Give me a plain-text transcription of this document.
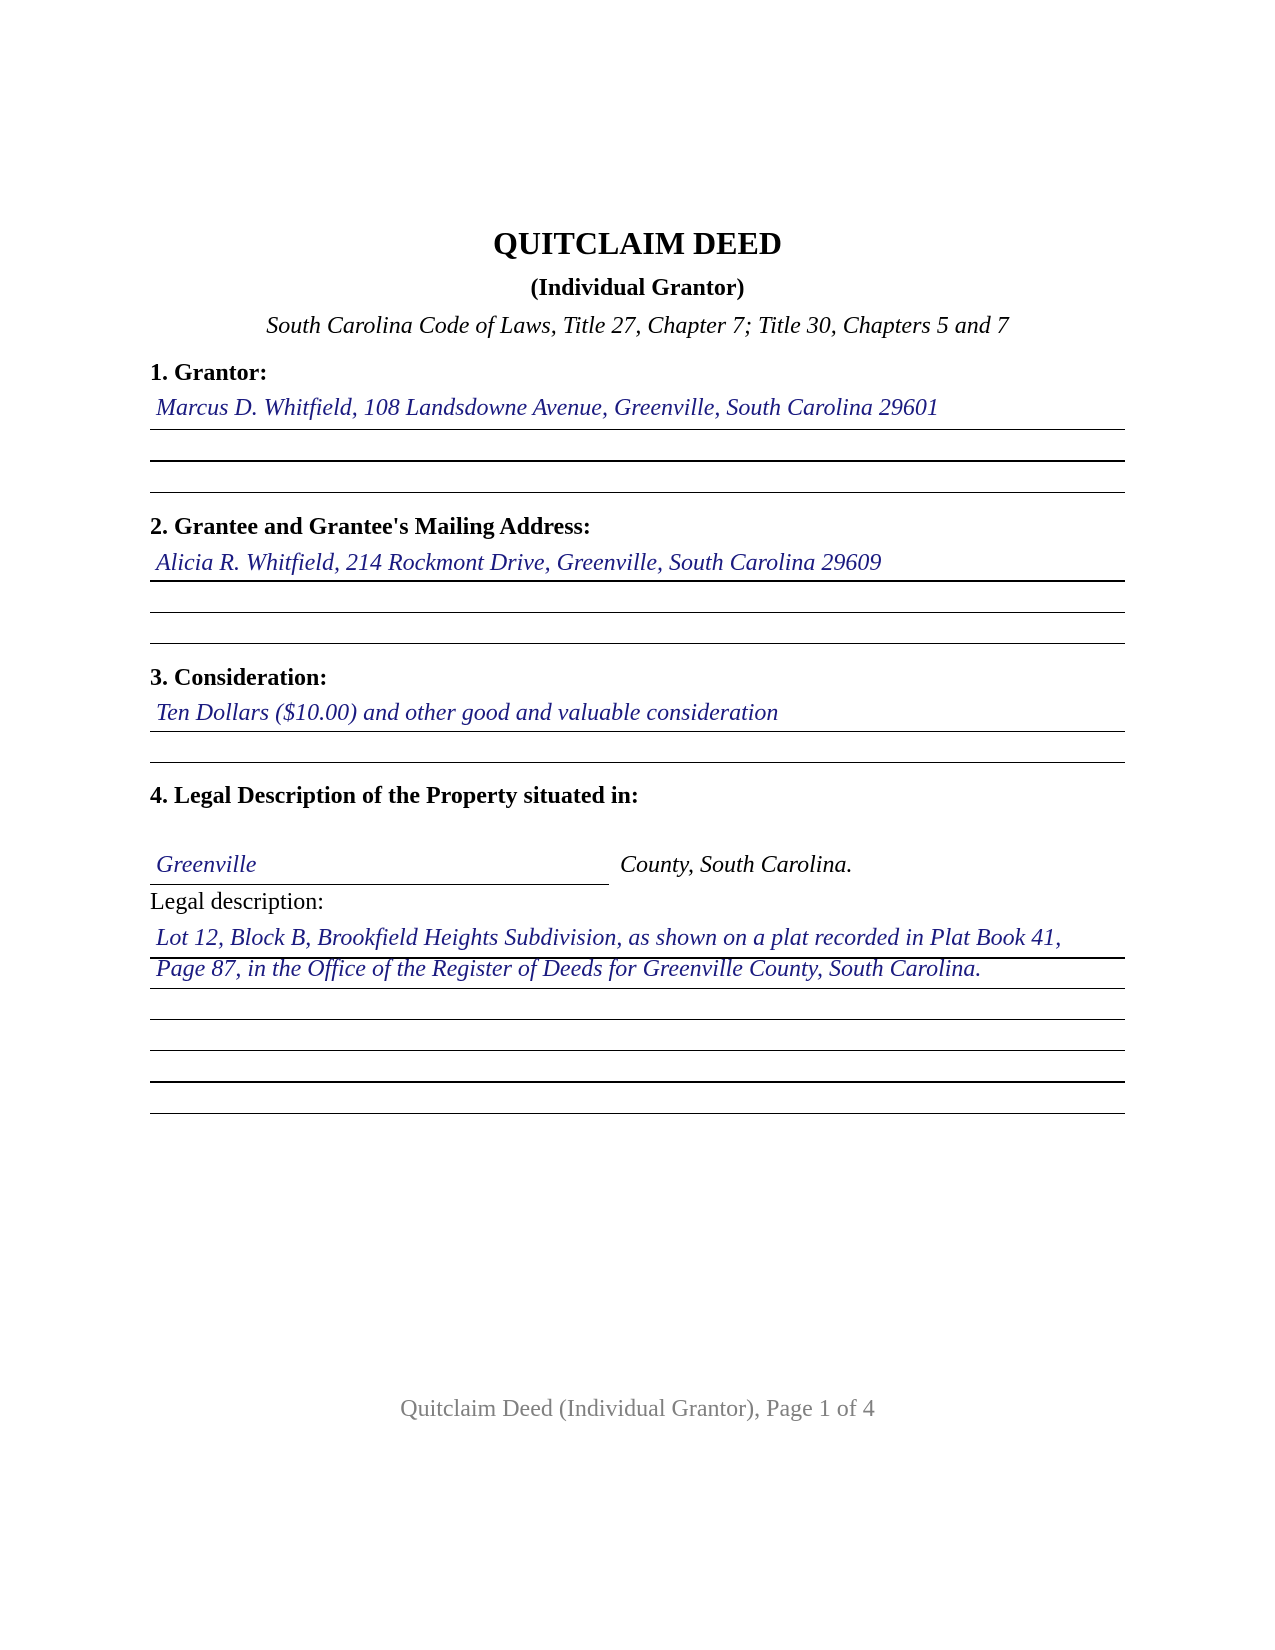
QUITCLAIM DEED
(Individual Grantor)
South Carolina Code of Laws, Title 27, Chapter 7; Title 30, Chapters 5 and 7
1. Grantor:
Marcus D. Whitfield, 108 Landsdowne Avenue, Greenville, South Carolina 29601
2. Grantee and Grantee's Mailing Address:
Alicia R. Whitfield, 214 Rockmont Drive, Greenville, South Carolina 29609
3. Consideration:
Ten Dollars ($10.00) and other good and valuable consideration
4. Legal Description of the Property situated in:
Greenville	County, South Carolina.
Legal description:
Lot 12, Block B, Brookfield Heights Subdivision, as shown on a plat recorded in Plat Book 41,
Page 87, in the Office of the Register of Deeds for Greenville County, South Carolina.
Quitclaim Deed (Individual Grantor), Page 1 of 4
